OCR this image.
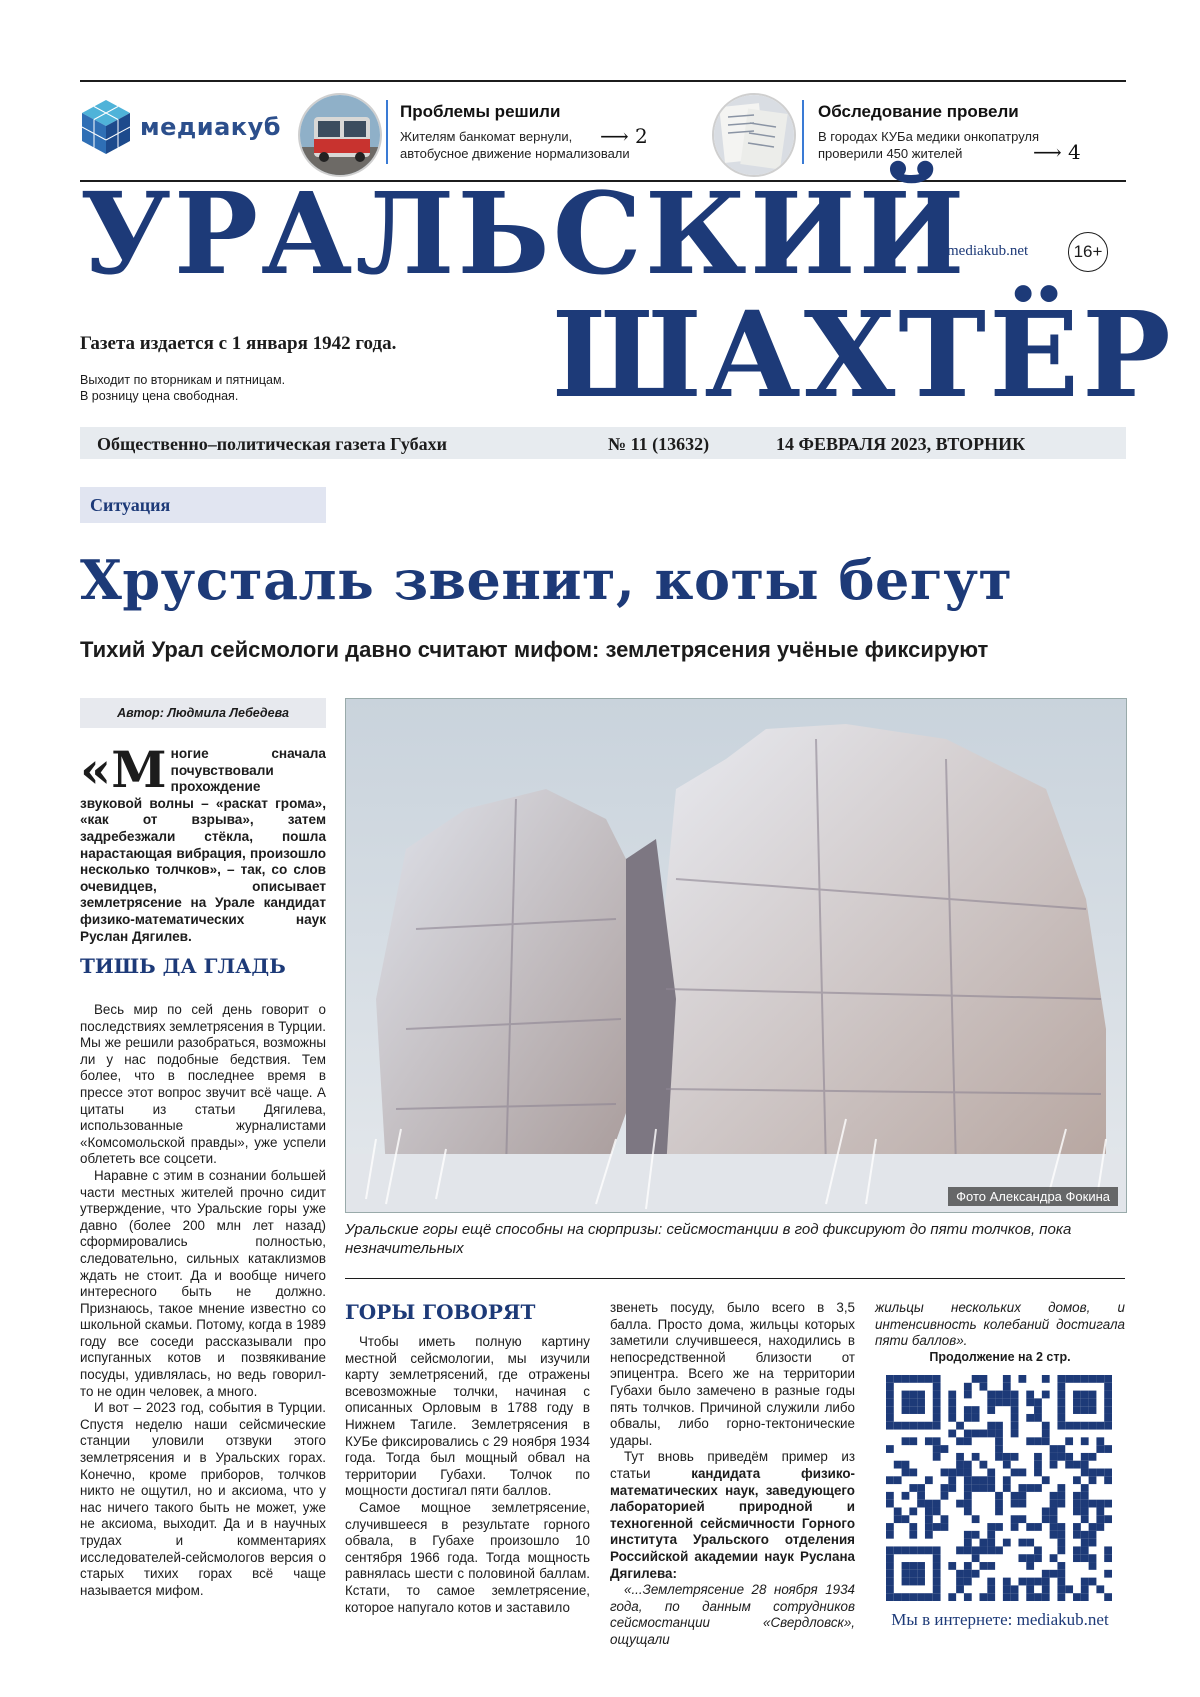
медиакуб
Проблемы решили
Жителям банкомат вернули,
автобусное движение нормализовали
⟶ 2
Обследование провели
В городах КУБа медики онкопатруля
проверили 450 жителей	⟶ 4
УРАЛЬСКИЙ
ШАХТЁР
mediakub.net	16+
Газета издается с 1 января 1942 года.
Выходит по вторникам и пятницам.
В розницу цена свободная.
Общественно–политическая газета Губахи	№ 11 (13632)	14 ФЕВРАЛЯ 2023, ВТОРНИК
Ситуация
Хрусталь звенит, коты бегут
Тихий Урал сейсмологи давно считают мифом: землетрясения учёные фиксируют
Автор: Людмила Лебедева
«М ногие сначала почувствовали прохождение звуковой волны – «раскат грома», «как от взрыва», затем задребезжали стёкла, пошла нарастающая вибрация, произошло несколько толчков», – так, со слов очевидцев, описывает землетрясение на Урале кандидат физико-математических наук Руслан Дягилев.
ТИШЬ ДА ГЛАДЬ

Весь мир по сей день говорит о последствиях землетрясения в Турции. Мы же решили разобраться, возможны ли у нас подобные бедствия. Тем более, что в последнее время в прессе этот вопрос звучит всё чаще. А цитаты из статьи Дягилева, использованные журналистами «Комсомольской правды», уже успели облететь все соцсети.

Наравне с этим в сознании большей части местных жителей прочно сидит утверждение, что Уральские горы уже давно (более 200 млн лет назад) сформировались полностью, следовательно, сильных катаклизмов ждать не стоит. Да и вообще ничего интересного быть не должно. Признаюсь, такое мнение известно со школьной скамьи. Потому, когда в 1989 году все соседи рассказывали про испуганных котов и позвякивание посуды, удивлялась, но ведь говорил-то не один человек, а много.

И вот – 2023 год, события в Турции. Спустя неделю наши сейсмические станции уловили отзвуки этого землетрясения и в Уральских горах. Конечно, кроме приборов, толчков никто не ощутил, но и аксиома, что у нас ничего такого быть не может, уже не аксиома, выходит. Да и в научных трудах и комментариях исследователей-сейсмологов версия о старых тихих горах всё чаще называется мифом.

Фото Александра Фокина
Уральские горы ещё способны на сюрпризы: сейсмостанции в год фиксируют до пяти толчков, пока незначительных
ГОРЫ ГОВОРЯТ

Чтобы иметь полную картину местной сейсмологии, мы изучили карту землетрясений, где отражены всевозможные толчки, начиная с описанных Орловым в 1788 году в Нижнем Тагиле. Землетрясения в КУБе фиксировались с 29 ноября 1934 года. Тогда был мощный обвал на территории Губахи. Толчок по мощности достигал пяти баллов.

Самое мощное землетрясение, случившееся в результате горного обвала, в Губахе произошло 10 сентября 1966 года. Тогда мощность равнялась шести с половиной баллам. Кстати, то самое землетрясение, которое напугало котов и заставило

звенеть посуду, было всего в 3,5 балла. Просто дома, жильцы которых заметили случившееся, находились в непосредственной близости от эпицентра. Всего же на территории Губахи было замечено в разные годы пять толчков. Причиной служили либо обвалы, либо горно-тектонические удары.

Тут вновь приведём пример из статьи кандидата физико-математических наук, заведующего лабораторией природной и техногенной сейсмичности Горного института Уральского отделения Российской академии наук Руслана Дягилева:

«...Землетрясение 28 ноября 1934 года, по данным сотрудников сейсмостанции «Свердловск», ощущали

жильцы нескольких домов, и интенсивность колебаний достигала пяти баллов».

Продолжение на 2 стр.
Мы в интернете: mediakub.net
